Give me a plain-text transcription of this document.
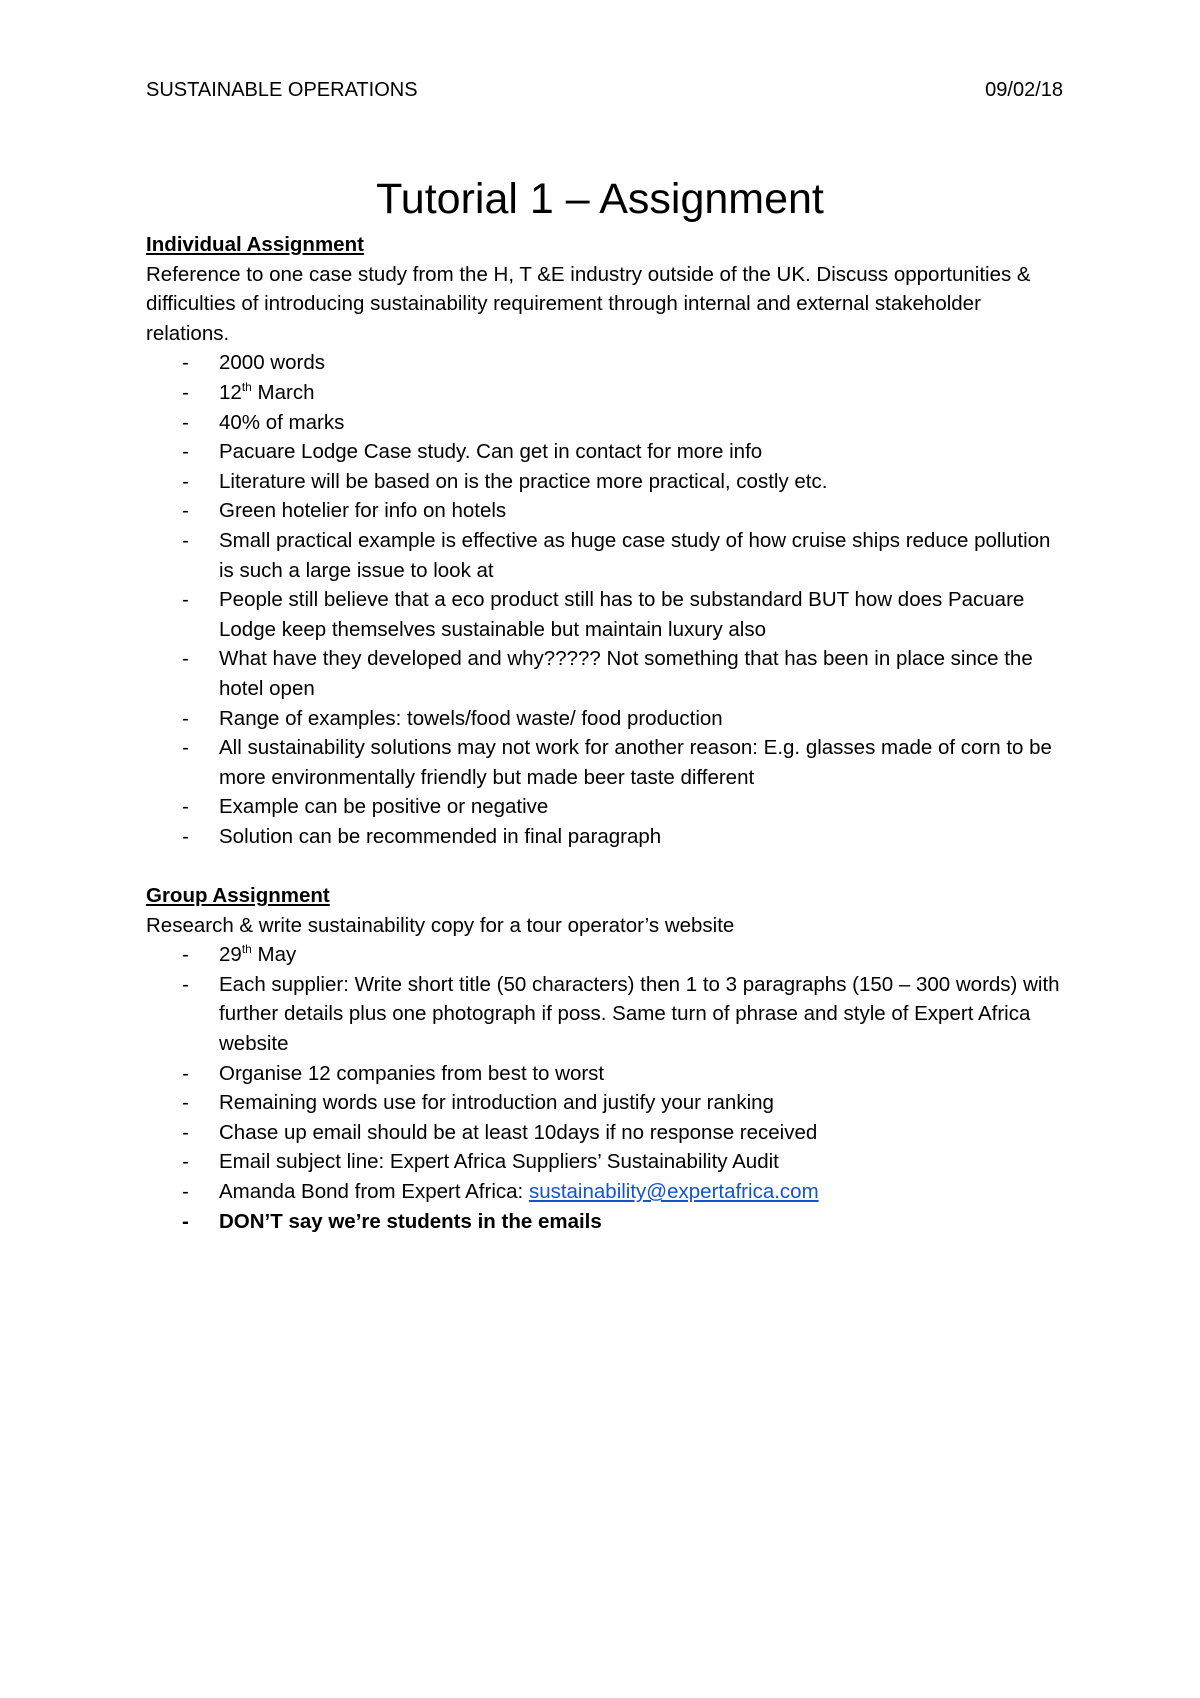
SUSTAINABLE OPERATIONS	09/02/18
Tutorial 1 – Assignment
Individual Assignment

Reference to one case study from the H, T &E industry outside of the UK. Discuss opportunities & difficulties of introducing sustainability requirement through internal and external stakeholder relations.

- 2000 words
- 12th March
- 40% of marks
- Pacuare Lodge Case study. Can get in contact for more info
- Literature will be based on is the practice more practical, costly etc.
- Green hotelier for info on hotels
- Small practical example is effective as huge case study of how cruise ships reduce pollution is such a large issue to look at
- People still believe that a eco product still has to be substandard BUT how does Pacuare Lodge keep themselves sustainable but maintain luxury also
- What have they developed and why????? Not something that has been in place since the hotel open
- Range of examples: towels/food waste/ food production
- All sustainability solutions may not work for another reason: E.g. glasses made of corn to be more environmentally friendly but made beer taste different
- Example can be positive or negative
- Solution can be recommended in final paragraph
Group Assignment

Research & write sustainability copy for a tour operator’s website

- 29th May
- Each supplier: Write short title (50 characters) then 1 to 3 paragraphs (150 – 300 words) with further details plus one photograph if poss. Same turn of phrase and style of Expert Africa website
- Organise 12 companies from best to worst
- Remaining words use for introduction and justify your ranking
- Chase up email should be at least 10days if no response received
- Email subject line: Expert Africa Suppliers’ Sustainability Audit
- Amanda Bond from Expert Africa: sustainability@expertafrica.com
- DON’T say we’re students in the emails
